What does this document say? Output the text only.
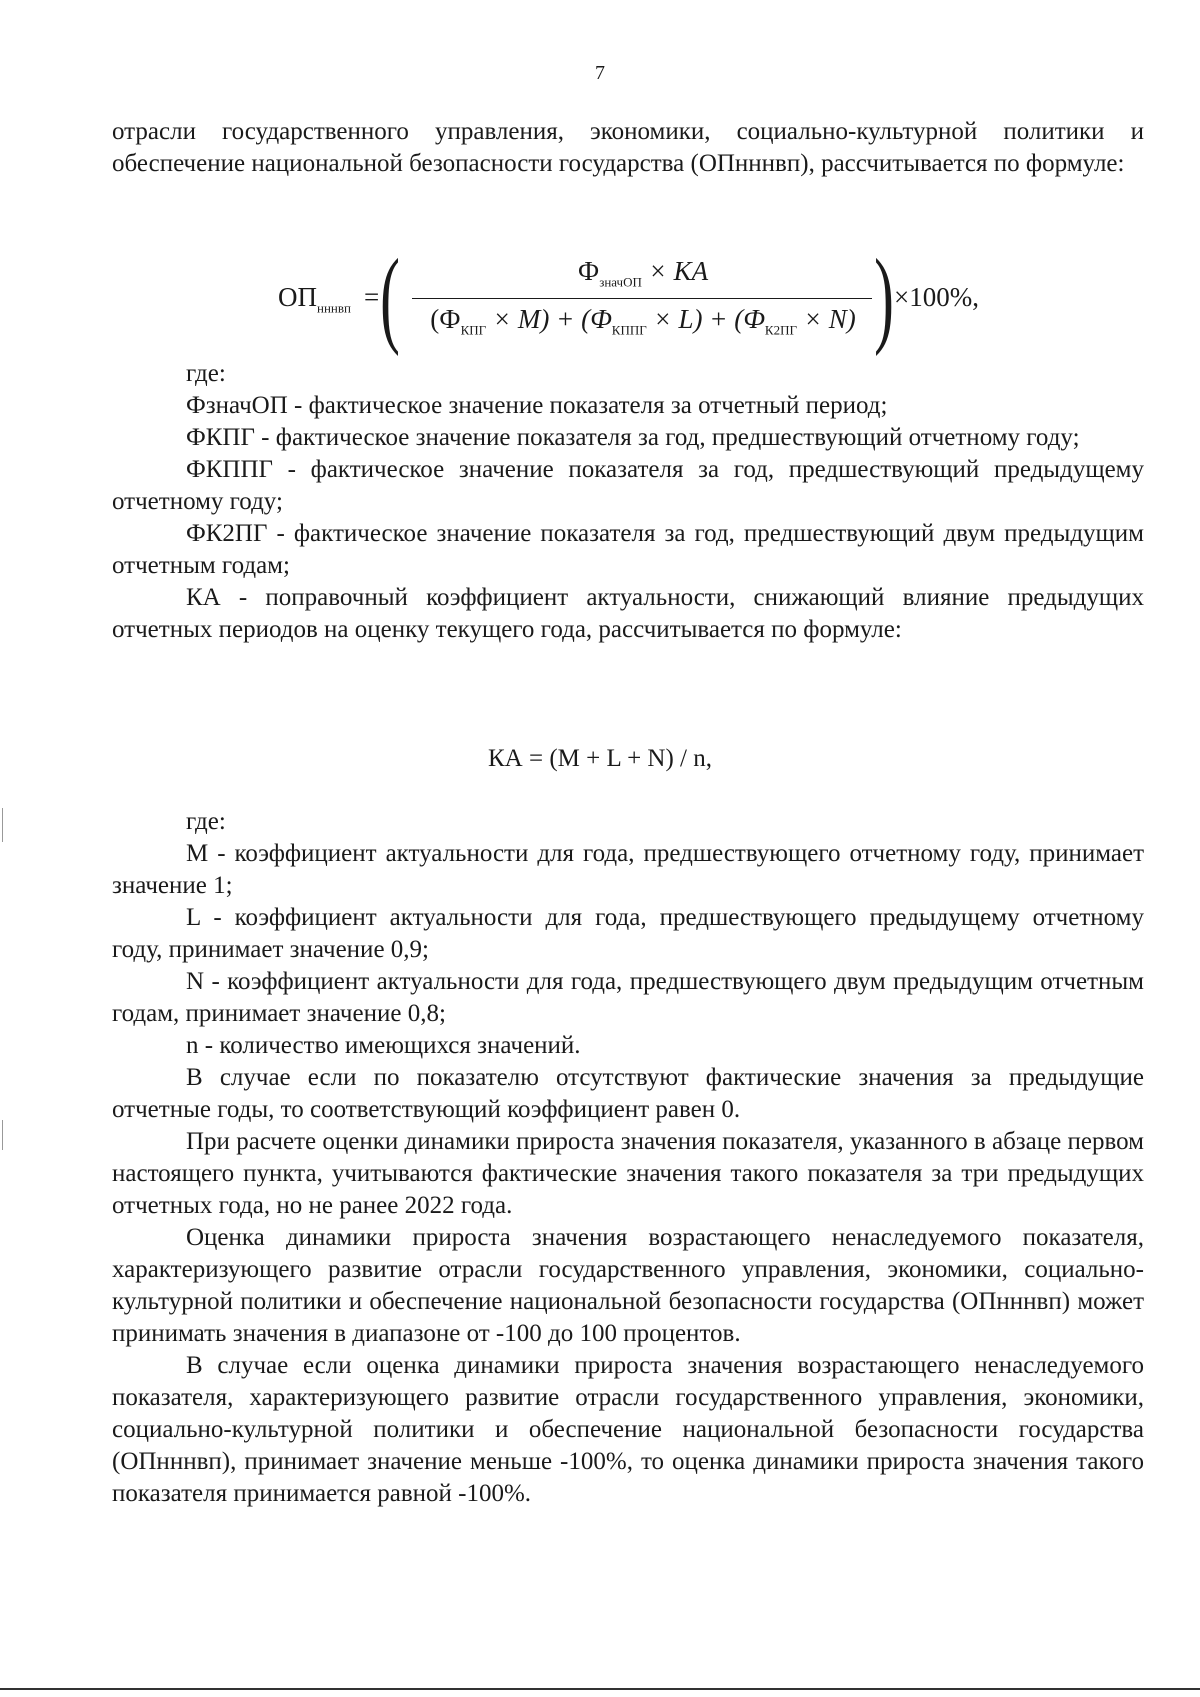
7

отрасли государственного управления, экономики, социально-культурной политики и обеспечение национальной безопасности государства (ОПнннвп), рассчитывается по формуле:

$ОП_{нннвп}$ = (	$Ф_{значОП}$ × KA
$(Ф_{КПГ} \times M) + (Ф_{КППГ} \times L) + (Ф_{К2ПГ} \times N)$ ) ×100%,

где:

ФзначОП - фактическое значение показателя за отчетный период;

ФКПГ - фактическое значение показателя за год, предшествующий отчетному году;

ФКППГ - фактическое значение показателя за год, предшествующий предыдущему отчетному году;

ФК2ПГ - фактическое значение показателя за год, предшествующий двум предыдущим отчетным годам;

КА - поправочный коэффициент актуальности, снижающий влияние предыдущих отчетных периодов на оценку текущего года, рассчитывается по формуле:

КА = (M + L + N) / n,

где:

M - коэффициент актуальности для года, предшествующего отчетному году, принимает значение 1;

L - коэффициент актуальности для года, предшествующего предыдущему отчетному году, принимает значение 0,9;

N - коэффициент актуальности для года, предшествующего двум предыдущим отчетным годам, принимает значение 0,8;

n - количество имеющихся значений.

В случае если по показателю отсутствуют фактические значения за предыдущие отчетные годы, то соответствующий коэффициент равен 0.

При расчете оценки динамики прироста значения показателя, указанного в абзаце первом настоящего пункта, учитываются фактические значения такого показателя за три предыдущих отчетных года, но не ранее 2022 года.

Оценка динамики прироста значения возрастающего ненаследуемого показателя, характеризующего развитие отрасли государственного управления, экономики, социально-культурной политики и обеспечение национальной безопасности государства (ОПнннвп) может принимать значения в диапазоне от -100 до 100 процентов.

В случае если оценка динамики прироста значения возрастающего ненаследуемого показателя, характеризующего развитие отрасли государственного управления, экономики, социально-культурной политики и обеспечение национальной безопасности государства (ОПнннвп), принимает значение меньше -100%, то оценка динамики прироста значения такого показателя принимается равной -100%.
